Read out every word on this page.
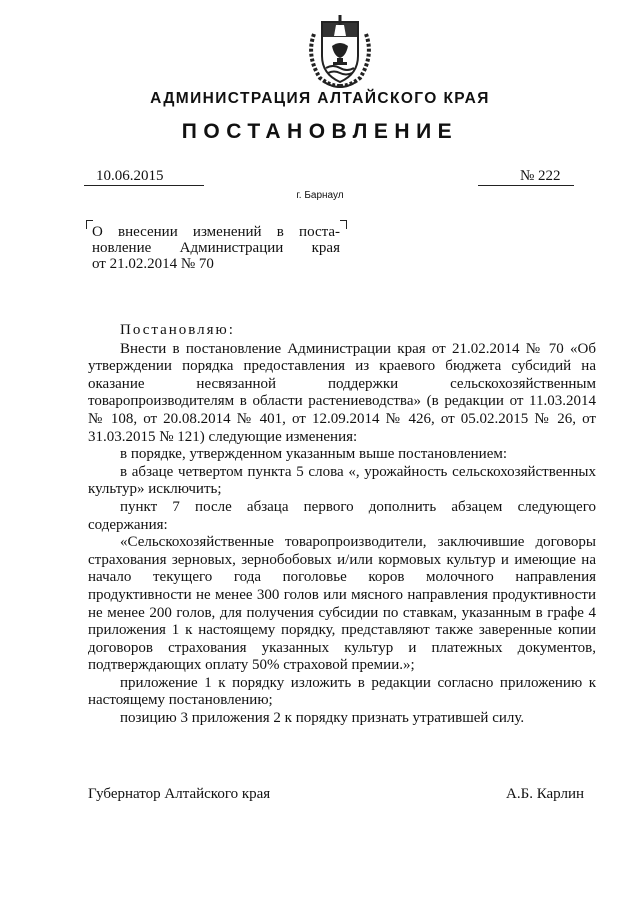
АДМИНИСТРАЦИЯ АЛТАЙСКОГО КРАЯ
ПОСТАНОВЛЕНИЕ
10.06.2015	№ 222
г. Барнаул
О внесении изменений в поста-
новление Администрации края
от 21.02.2014 № 70

Постановляю:

Внести в постановление Администрации края от 21.02.2014 № 70 «Об утверждении порядка предоставления из краевого бюджета субсидий на оказание несвязанной поддержки сельскохозяйственным товаропроизводителям в области растениеводства» (в редакции от 11.03.2014 № 108, от 20.08.2014 № 401, от 12.09.2014 № 426, от 05.02.2015 № 26, от 31.03.2015 № 121) следующие изменения:

в порядке, утвержденном указанным выше постановлением:

в абзаце четвертом пункта 5 слова «, урожайность сельскохозяйственных культур» исключить;

пункт 7 после абзаца первого дополнить абзацем следующего содержания:

«Сельскохозяйственные товаропроизводители, заключившие договоры страхования зерновых, зернобобовых и/или кормовых культур и имеющие на начало текущего года поголовье коров молочного направления продуктивности не менее 300 голов или мясного направления продуктивности не менее 200 голов, для получения субсидии по ставкам, указанным в графе 4 приложения 1 к настоящему порядку, представляют также заверенные копии договоров страхования указанных культур и платежных документов, подтверждающих оплату 50% страховой премии.»;

приложение 1 к порядку изложить в редакции согласно приложению к настоящему постановлению;

позицию 3 приложения 2 к порядку признать утратившей силу.

Губернатор Алтайского края	А.Б. Карлин
